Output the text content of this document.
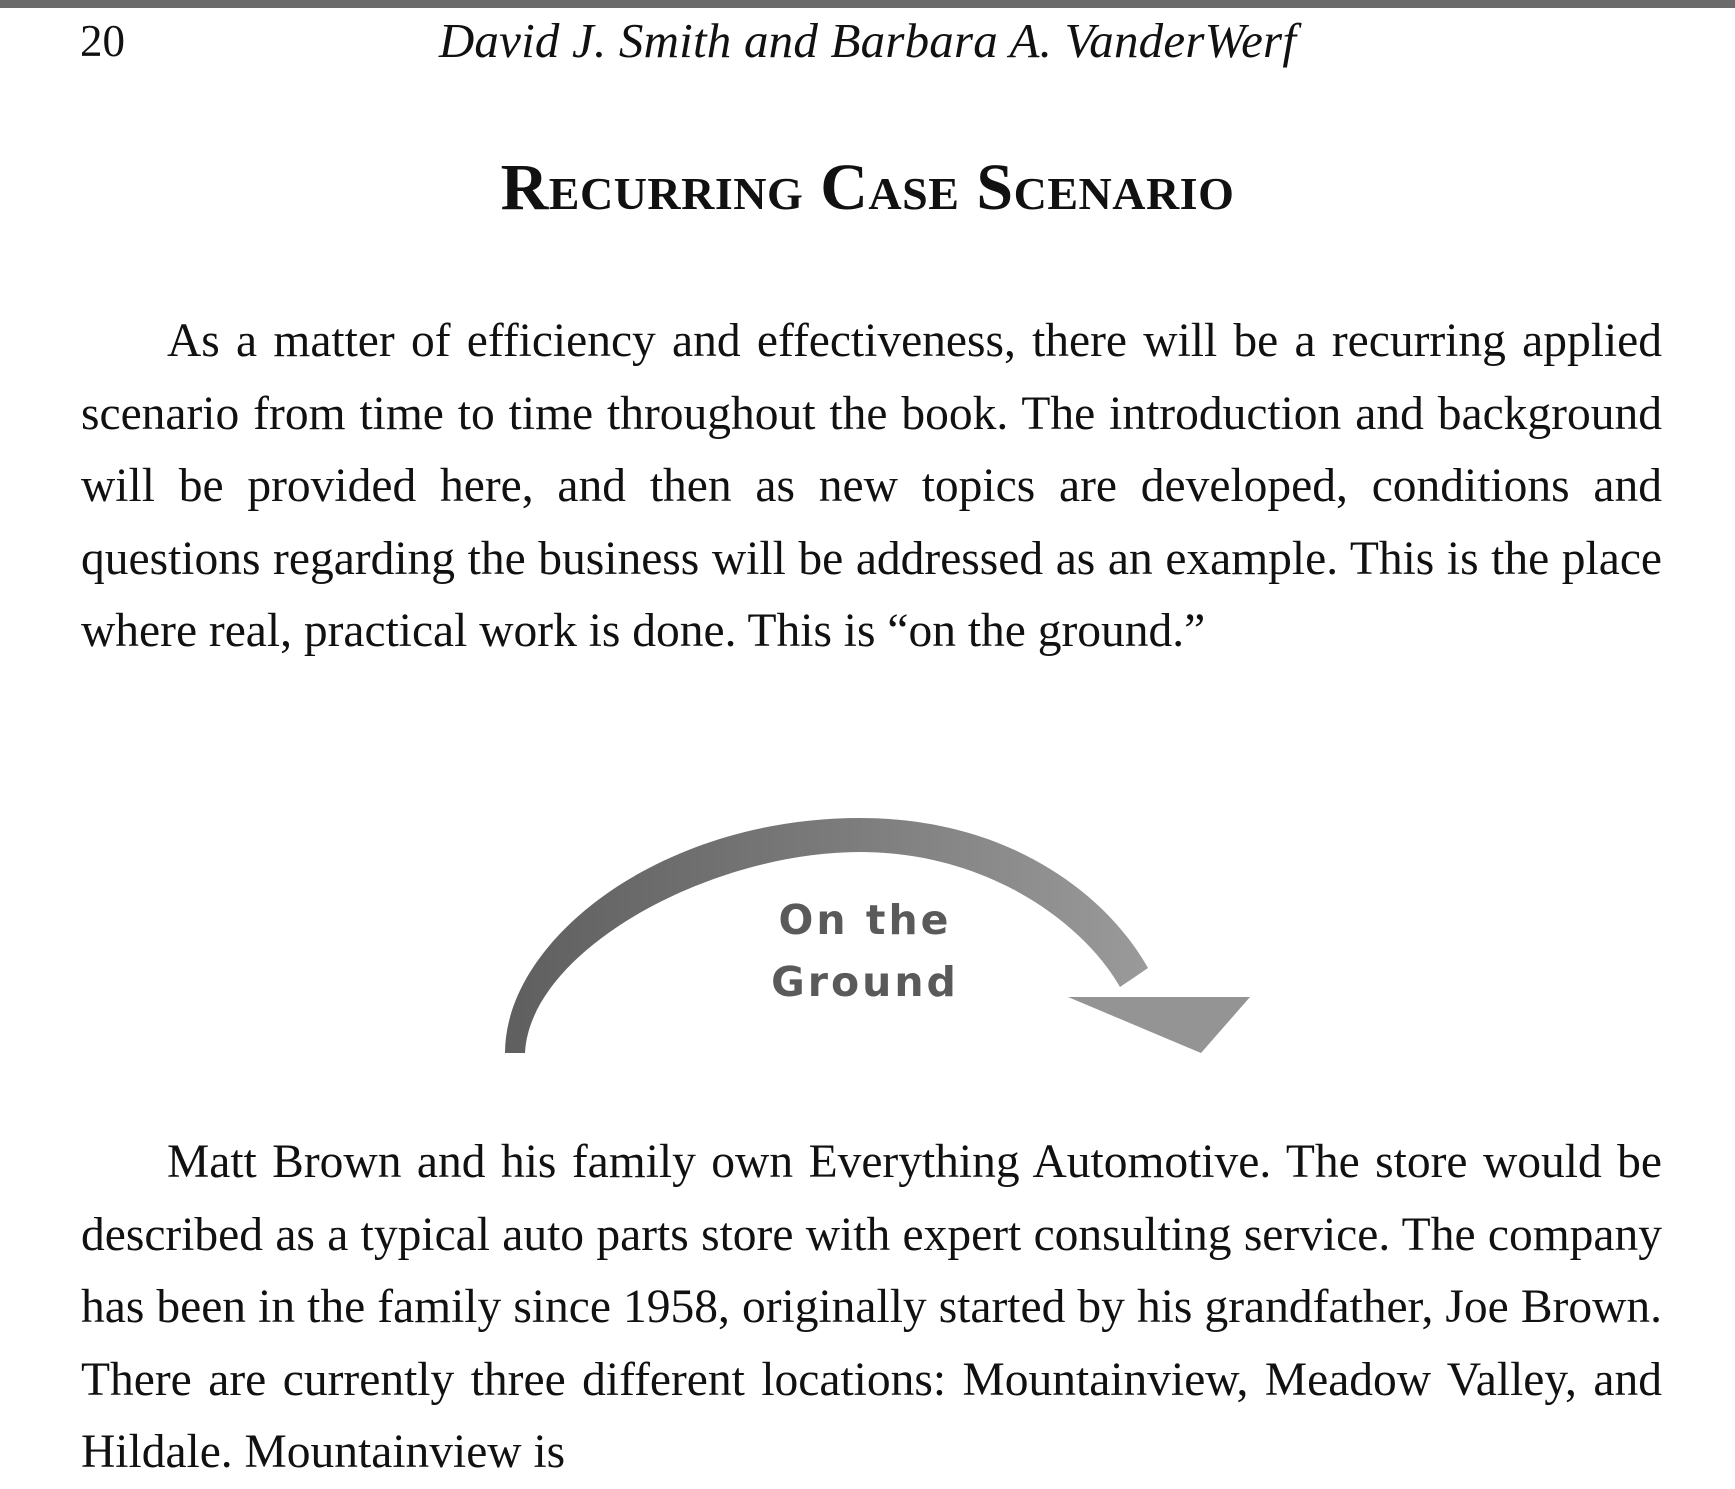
20	David J. Smith and Barbara A. VanderWerf
Recurring Case Scenario

As a matter of efficiency and effectiveness, there will be a recurring applied scenario from time to time throughout the book. The introduction and background will be provided here, and then as new topics are developed, conditions and questions regarding the business will be addressed as an example. This is the place where real, practical work is done. This is “on the ground.”

On the
Ground

Matt Brown and his family own Everything Automotive. The store would be described as a typical auto parts store with expert consulting service. The company has been in the family since 1958, originally started by his grandfather, Joe Brown. There are currently three different locations: Mountainview, Meadow Valley, and Hildale. Mountainview is
